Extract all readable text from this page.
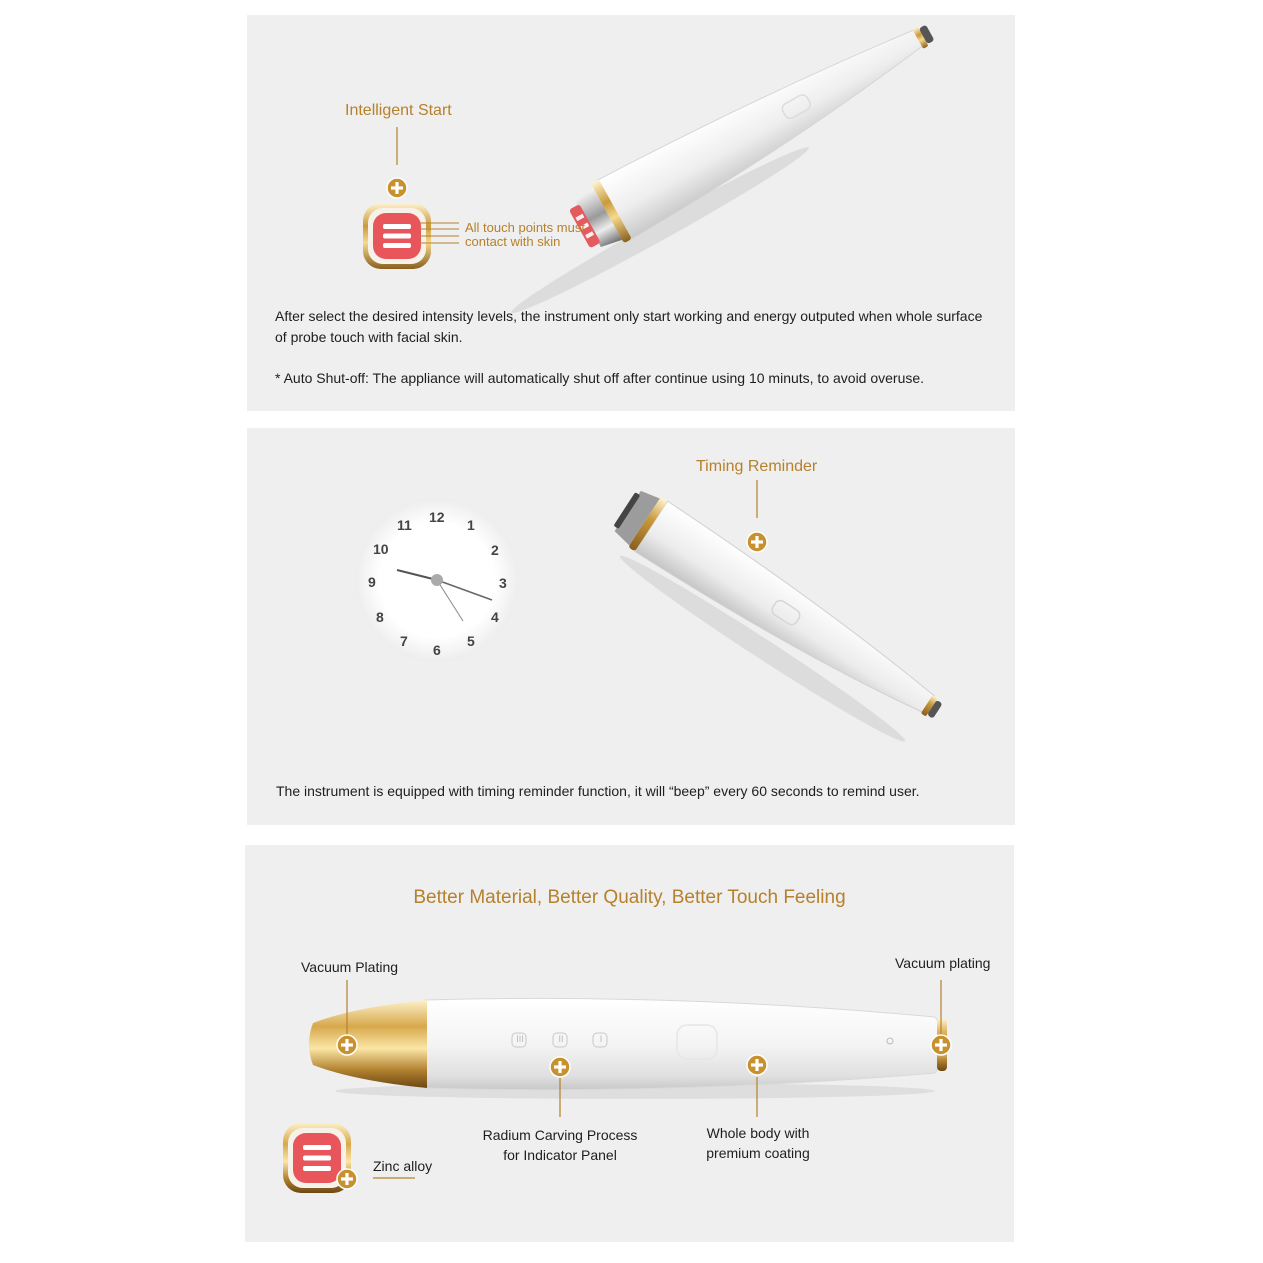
Intelligent Start
All touch points must
contact with skin
After select the desired intensity levels, the instrument only start working and energy outputed when whole surface of probe touch with facial skin.
* Auto Shut-off: The appliance will automatically shut off after continue using 10 minuts, to avoid overuse.
12 1
2
3
4
5
6
7
8
9
10
11
Timing Reminder
The instrument is equipped with timing reminder function, it will “beep” every 60 seconds to remind user.
III	II	I
Better Material, Better Quality, Better Touch Feeling
Vacuum Plating	Vacuum plating
Radium Carving Process
for Indicator Panel
Whole body with
premium coating
Zinc alloy
